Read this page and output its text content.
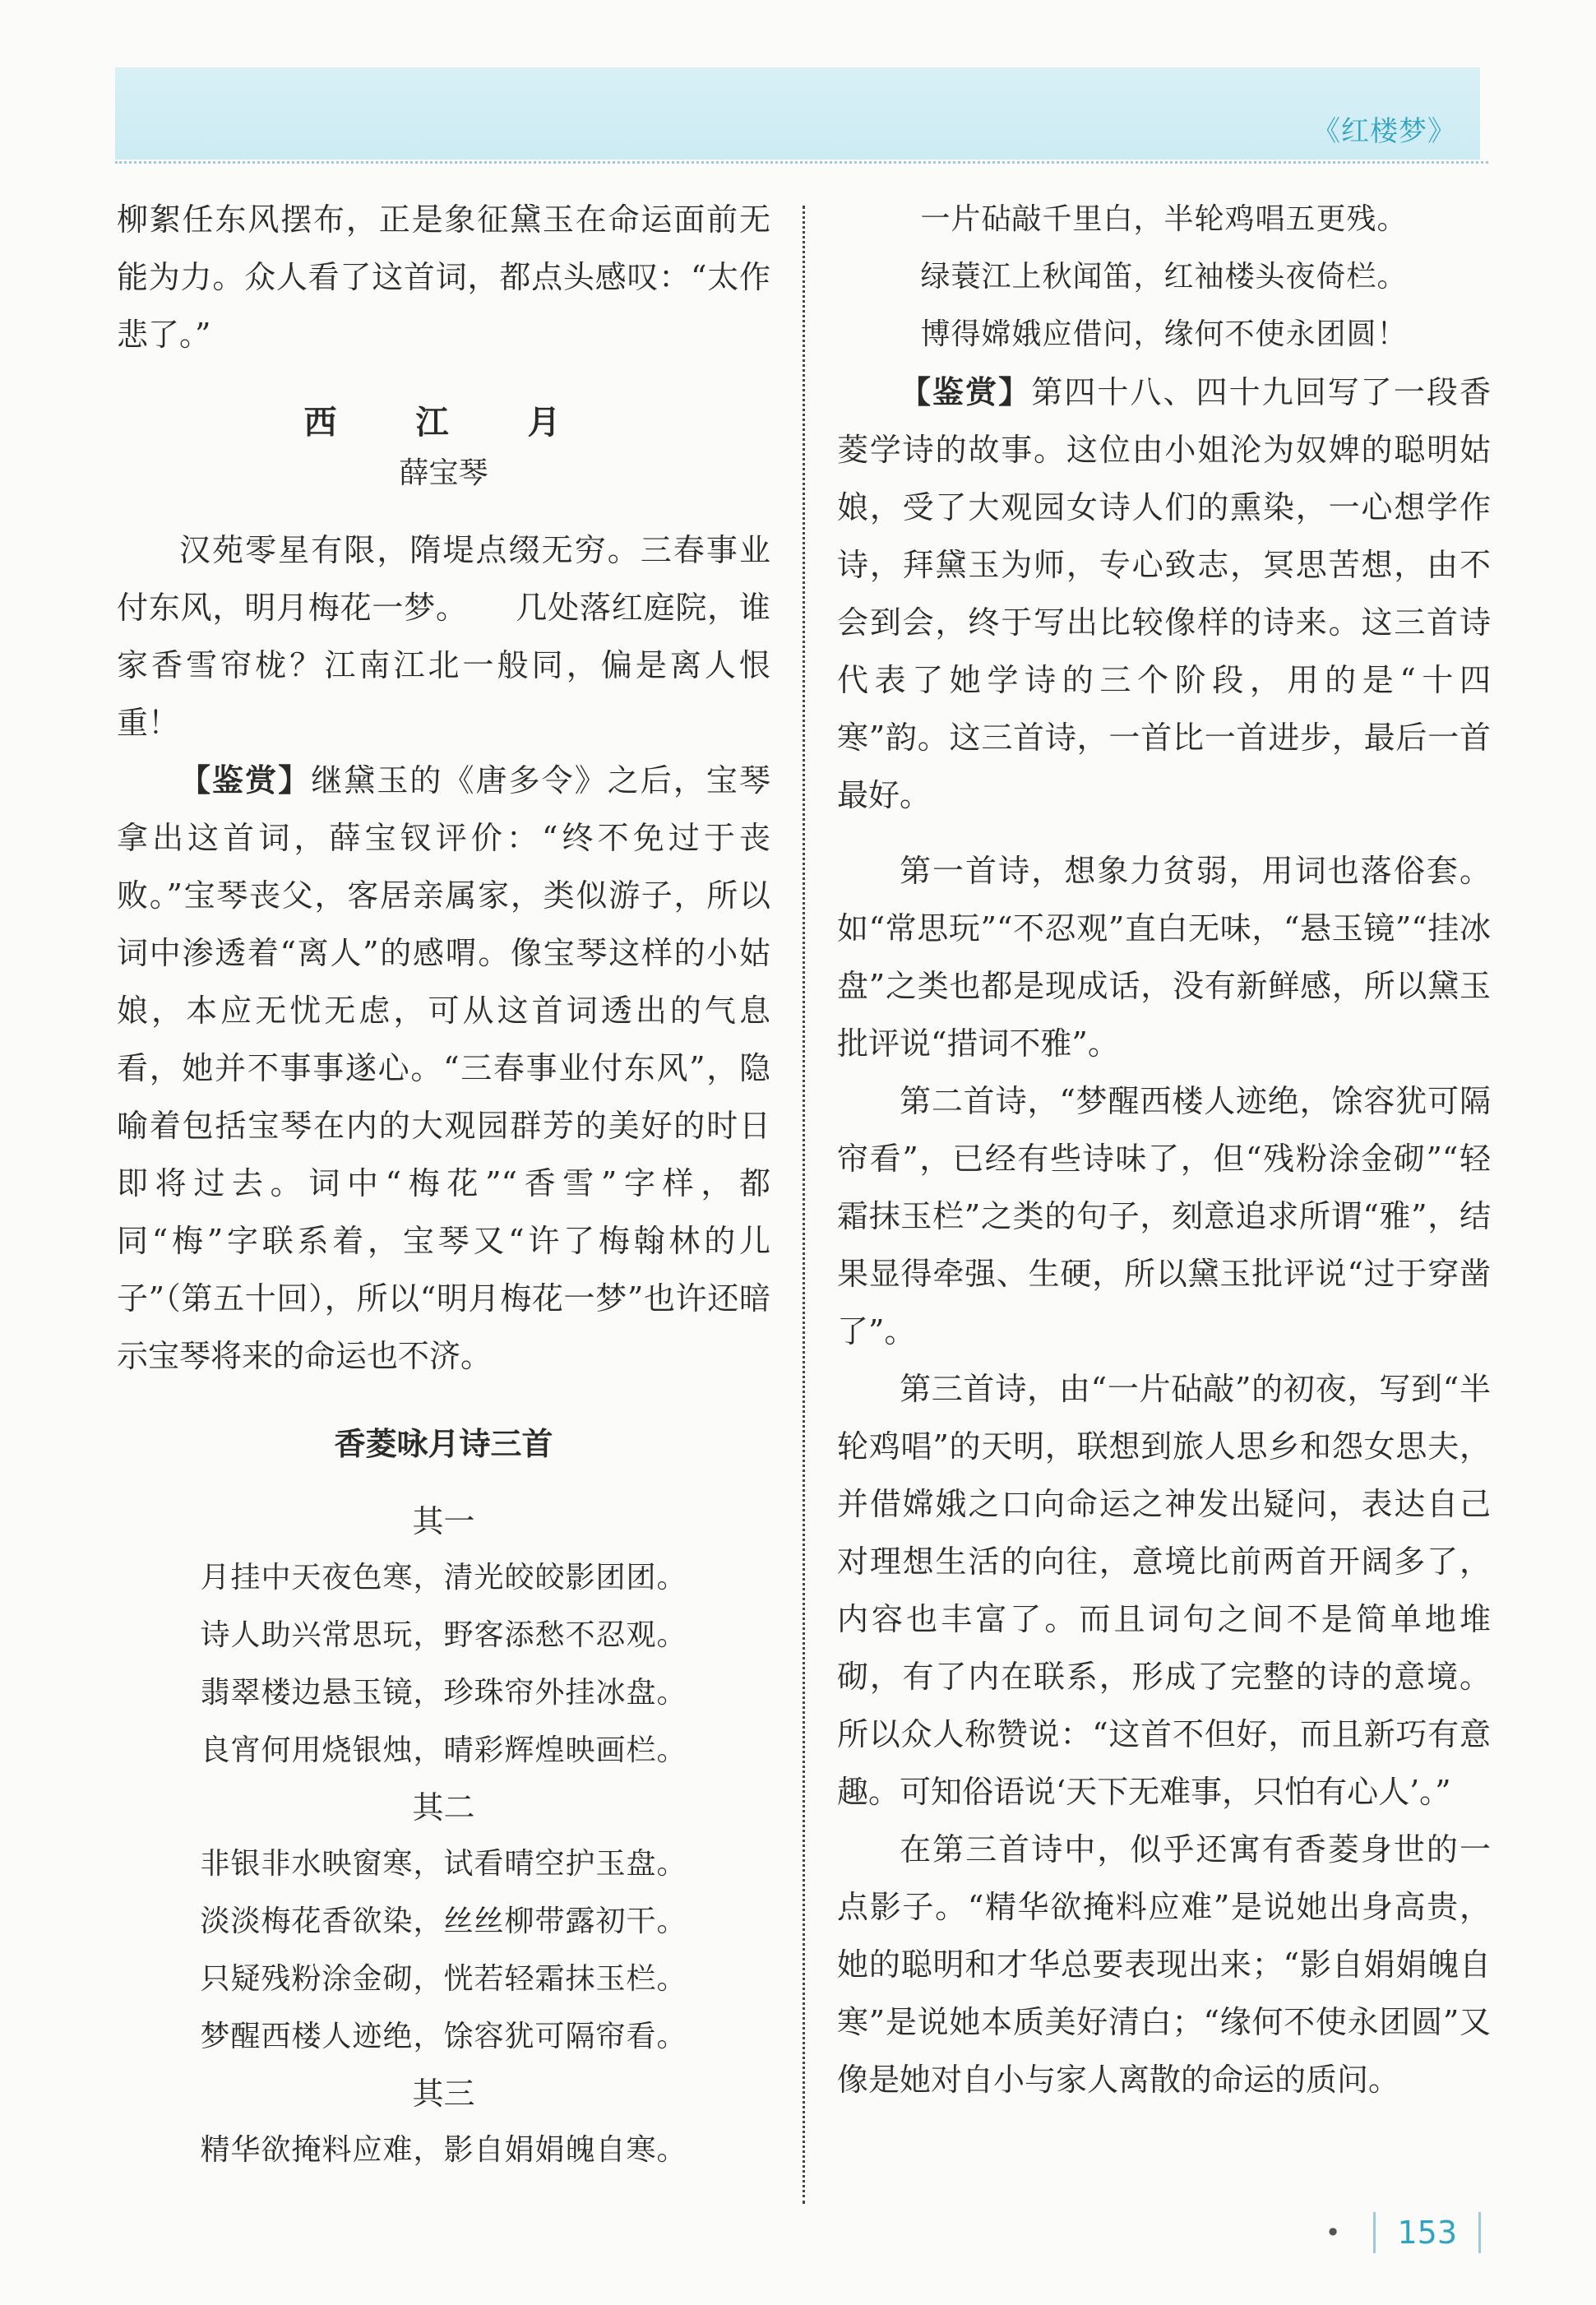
《红楼梦》

柳絮任东风摆布，正是象征黛玉在命运面前无能为力。众人看了这首词，都点头感叹：“太作悲了。”

西　江　月

薛宝琴

汉苑零星有限，隋堤点缀无穷。三春事业付东风，明月梅花一梦。　　几处落红庭院，谁家香雪帘栊？江南江北一般同，偏是离人恨重！

【鉴赏】继黛玉的《唐多令》之后，宝琴拿出这首词，薛宝钗评价：“终不免过于丧败。”宝琴丧父，客居亲属家，类似游子，所以词中渗透着“离人”的感喟。像宝琴这样的小姑娘，本应无忧无虑，可从这首词透出的气息看，她并不事事遂心。“三春事业付东风”，隐喻着包括宝琴在内的大观园群芳的美好的时日即将过去。词中“梅花”“香雪”字样，都同“梅”字联系着，宝琴又“许了梅翰林的儿子”（第五十回），所以“明月梅花一梦”也许还暗示宝琴将来的命运也不济。

香菱咏月诗三首

其一

月挂中天夜色寒，清光皎皎影团团。

诗人助兴常思玩，野客添愁不忍观。

翡翠楼边悬玉镜，珍珠帘外挂冰盘。

良宵何用烧银烛，晴彩辉煌映画栏。

其二

非银非水映窗寒，试看晴空护玉盘。

淡淡梅花香欲染，丝丝柳带露初干。

只疑残粉涂金砌，恍若轻霜抹玉栏。

梦醒西楼人迹绝，馀容犹可隔帘看。

其三

精华欲掩料应难，影自娟娟魄自寒。

一片砧敲千里白，半轮鸡唱五更残。

绿蓑江上秋闻笛，红袖楼头夜倚栏。

博得嫦娥应借问，缘何不使永团圆！

【鉴赏】第四十八、四十九回写了一段香菱学诗的故事。这位由小姐沦为奴婢的聪明姑娘，受了大观园女诗人们的熏染，一心想学作诗，拜黛玉为师，专心致志，冥思苦想，由不会到会，终于写出比较像样的诗来。这三首诗代表了她学诗的三个阶段，用的是“十四寒”韵。这三首诗，一首比一首进步，最后一首最好。

第一首诗，想象力贫弱，用词也落俗套。如“常思玩”“不忍观”直白无味，“悬玉镜”“挂冰盘”之类也都是现成话，没有新鲜感，所以黛玉批评说“措词不雅”。

第二首诗，“梦醒西楼人迹绝，馀容犹可隔帘看”，已经有些诗味了，但“残粉涂金砌”“轻霜抹玉栏”之类的句子，刻意追求所谓“雅”，结果显得牵强、生硬，所以黛玉批评说“过于穿凿了”。

第三首诗，由“一片砧敲”的初夜，写到“半轮鸡唱”的天明，联想到旅人思乡和怨女思夫，并借嫦娥之口向命运之神发出疑问，表达自己对理想生活的向往，意境比前两首开阔多了，内容也丰富了。而且词句之间不是简单地堆砌，有了内在联系，形成了完整的诗的意境。所以众人称赞说：“这首不但好，而且新巧有意趣。可知俗语说‘天下无难事，只怕有心人’。”

在第三首诗中，似乎还寓有香菱身世的一点影子。“精华欲掩料应难”是说她出身高贵，她的聪明和才华总要表现出来；“影自娟娟魄自寒”是说她本质美好清白；“缘何不使永团圆”又像是她对自小与家人离散的命运的质问。

•	153
